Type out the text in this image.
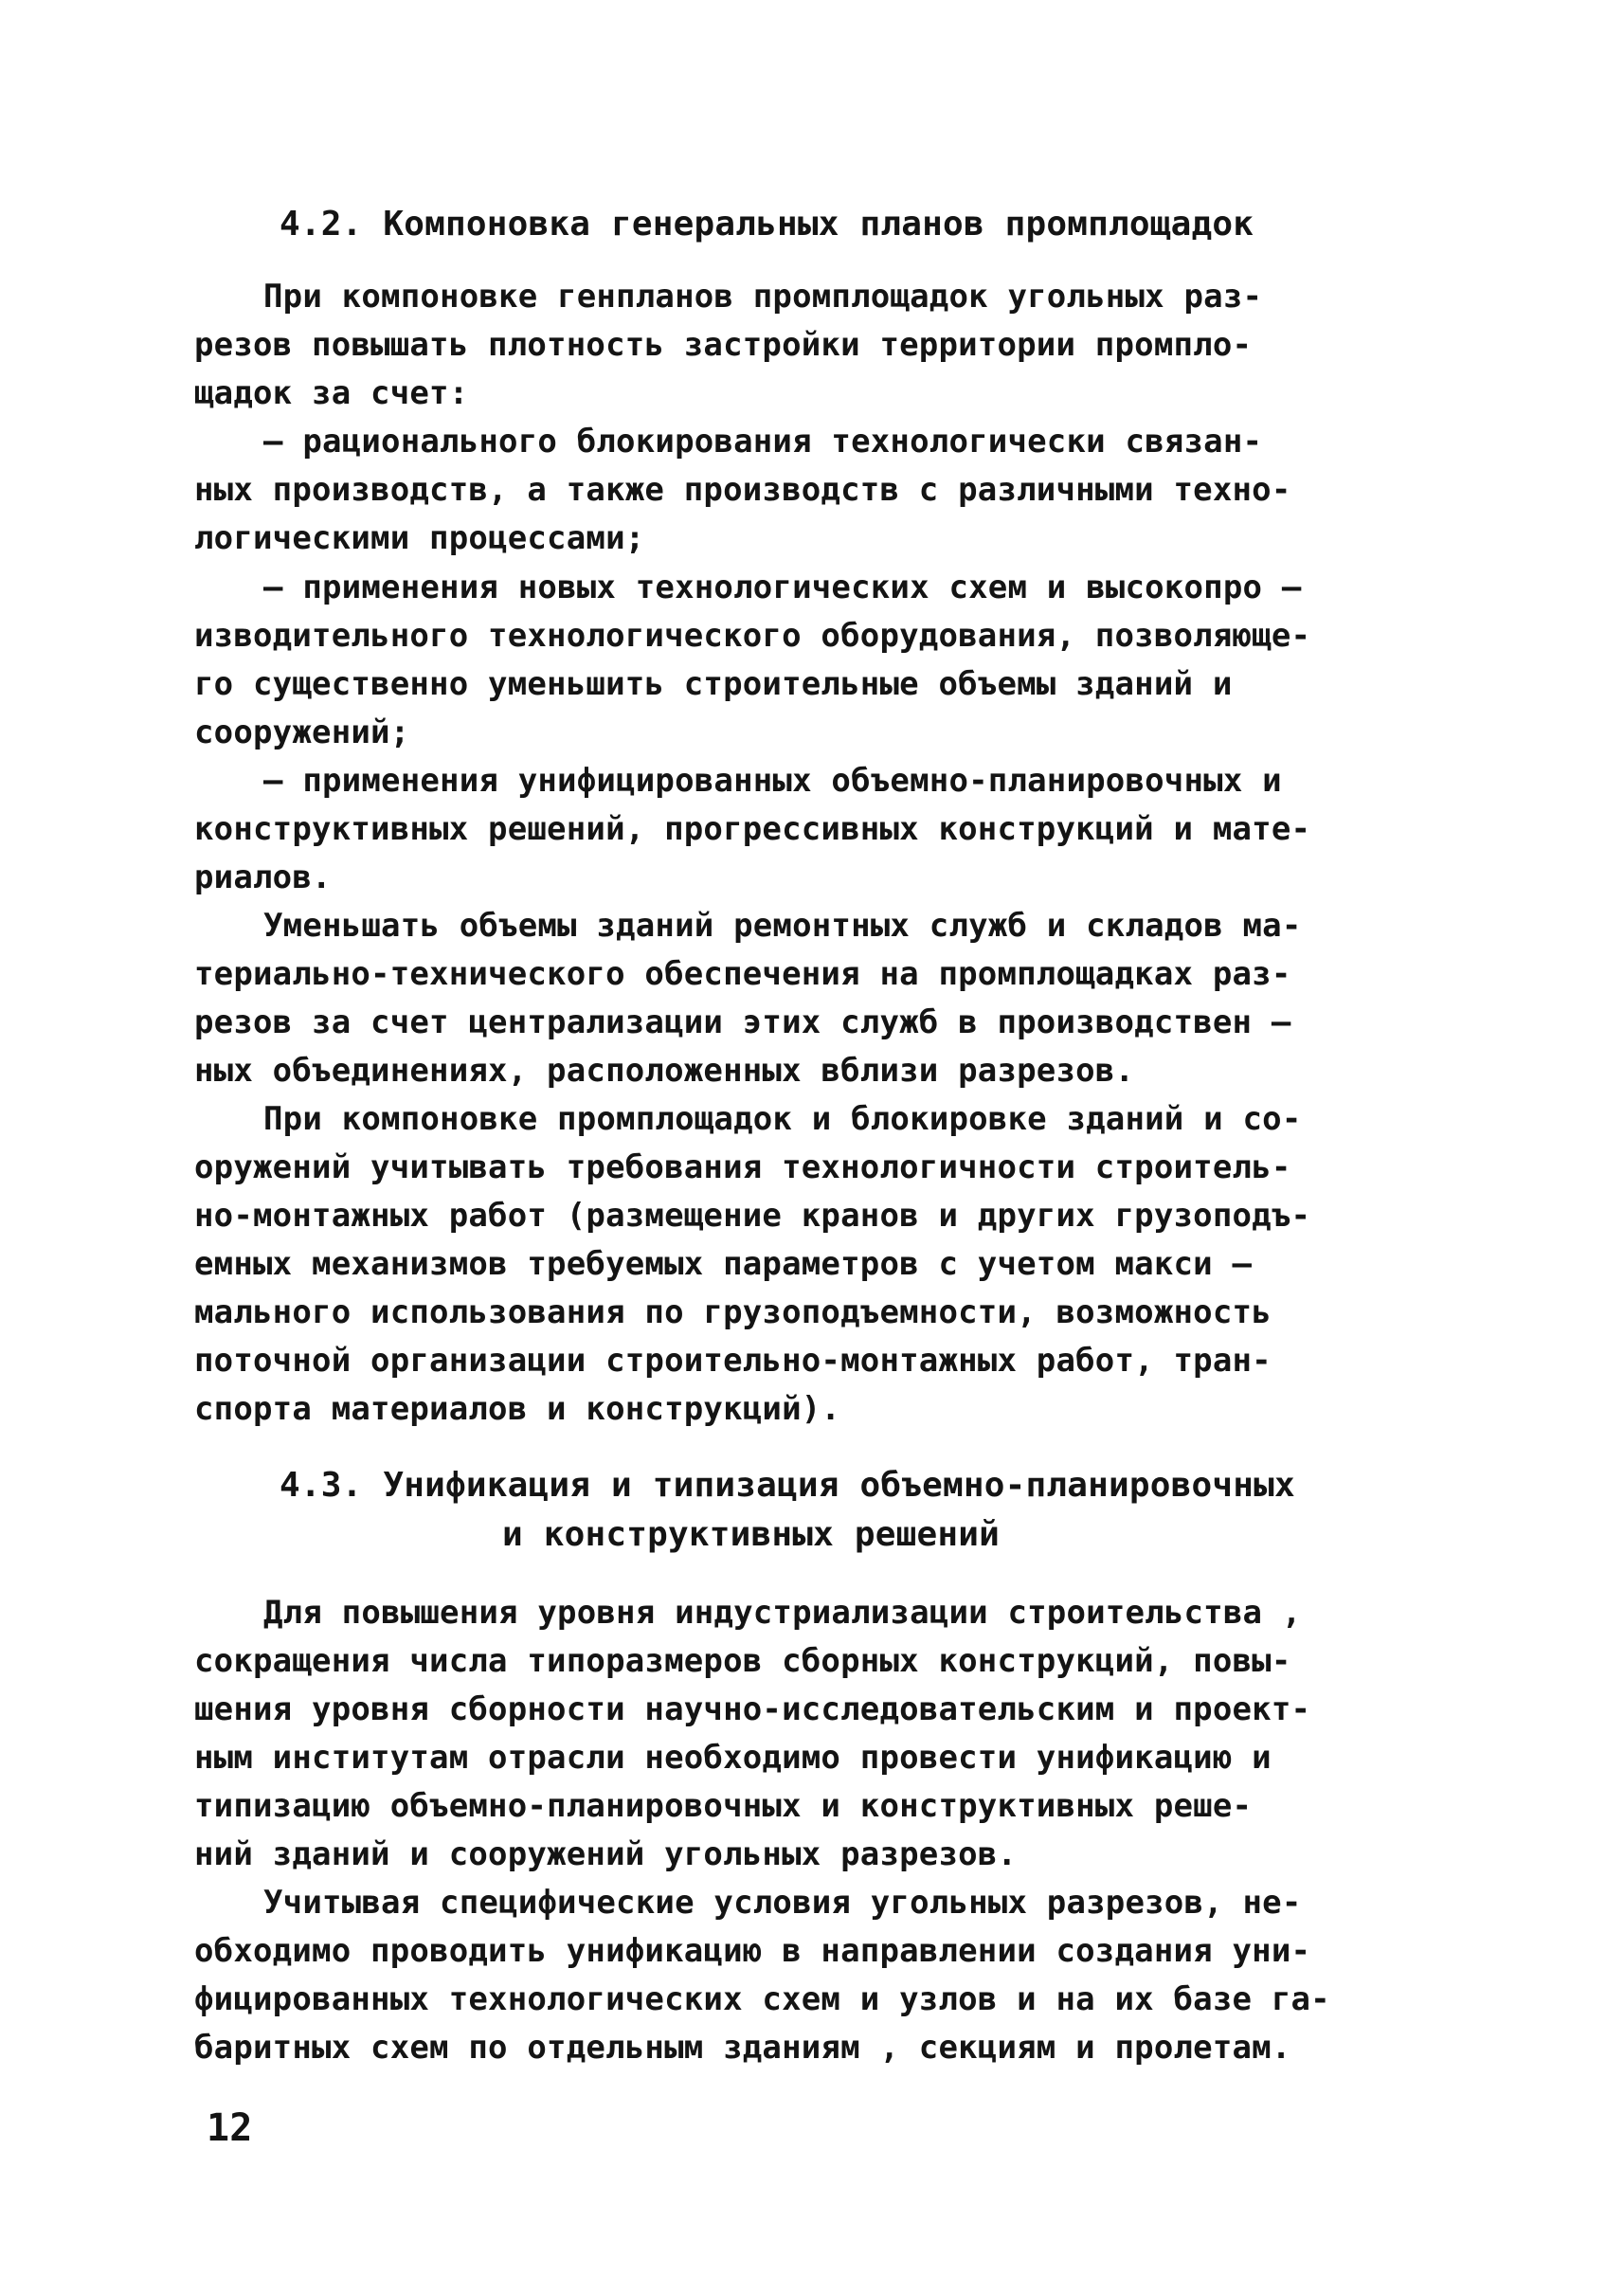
4.2. Компоновка генеральных планов промплощадок
При компоновке генпланов промплощадок угольных раз-
резов повышать плотность застройки территории промпло-
щадок за счет:
– рационального блокирования технологически связан-
ных производств, а также производств с различными техно-
логическими процессами;
– применения новых технологических схем и высокопро –
изводительного технологического оборудования, позволяюще-
го существенно уменьшить строительные объемы зданий и
сооружений;
– применения унифицированных объемно-планировочных и
конструктивных решений, прогрессивных конструкций и мате-
риалов.
Уменьшать объемы зданий ремонтных служб и складов ма-
териально-технического обеспечения на промплощадках раз-
резов за счет централизации этих служб в производствен –
ных объединениях, расположенных вблизи разрезов.
При компоновке промплощадок и блокировке зданий и со-
оружений учитывать требования технологичности строитель-
но-монтажных работ (размещение кранов и других грузоподъ-
емных механизмов требуемых параметров с учетом макси –
мального использования по грузоподъемности, возможность
поточной организации строительно-монтажных работ, тран-
спорта материалов и конструкций).
4.3. Унификация и типизация объемно-планировочных
и конструктивных решений
Для повышения уровня индустриализации строительства ,
сокращения числа типоразмеров сборных конструкций, повы-
шения уровня сборности научно-исследовательским и проект-
ным институтам отрасли необходимо провести унификацию и
типизацию объемно-планировочных и конструктивных реше-
ний зданий и сооружений угольных разрезов.
Учитывая специфические условия угольных разрезов, не-
обходимо проводить унификацию в направлении создания уни-
фицированных технологических схем и узлов и на их базе га-
баритных схем по отдельным зданиям , секциям и пролетам.
12
